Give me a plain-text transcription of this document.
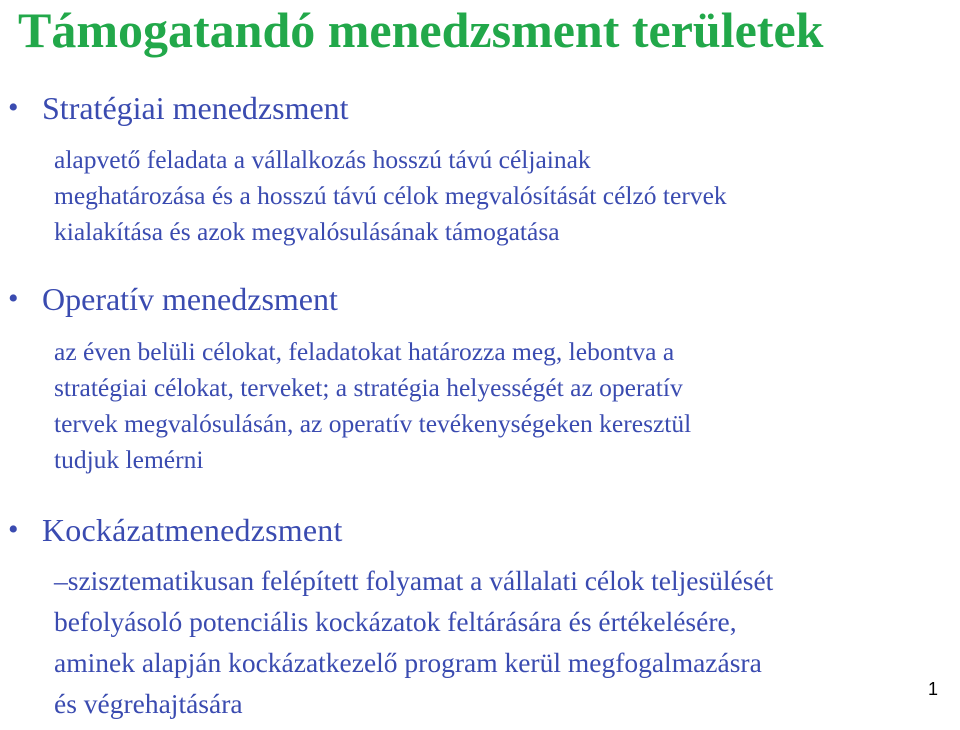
Támogatandó menedzsment területek
• Stratégiai menedzsment
alapvető feladata a vállalkozás hosszú távú céljainak
meghatározása és a hosszú távú célok megvalósítását célzó tervek
kialakítása és azok megvalósulásának támogatása
• Operatív menedzsment
az éven belüli célokat, feladatokat határozza meg, lebontva a
stratégiai célokat, terveket; a stratégia helyességét az operatív
tervek megvalósulásán, az operatív tevékenységeken keresztül
tudjuk lemérni
• Kockázatmenedzsment
–szisztematikusan felépített folyamat a vállalati célok teljesülését
befolyásoló potenciális kockázatok feltárására és értékelésére,
aminek alapján kockázatkezelő program kerül megfogalmazásra
és végrehajtására	1
